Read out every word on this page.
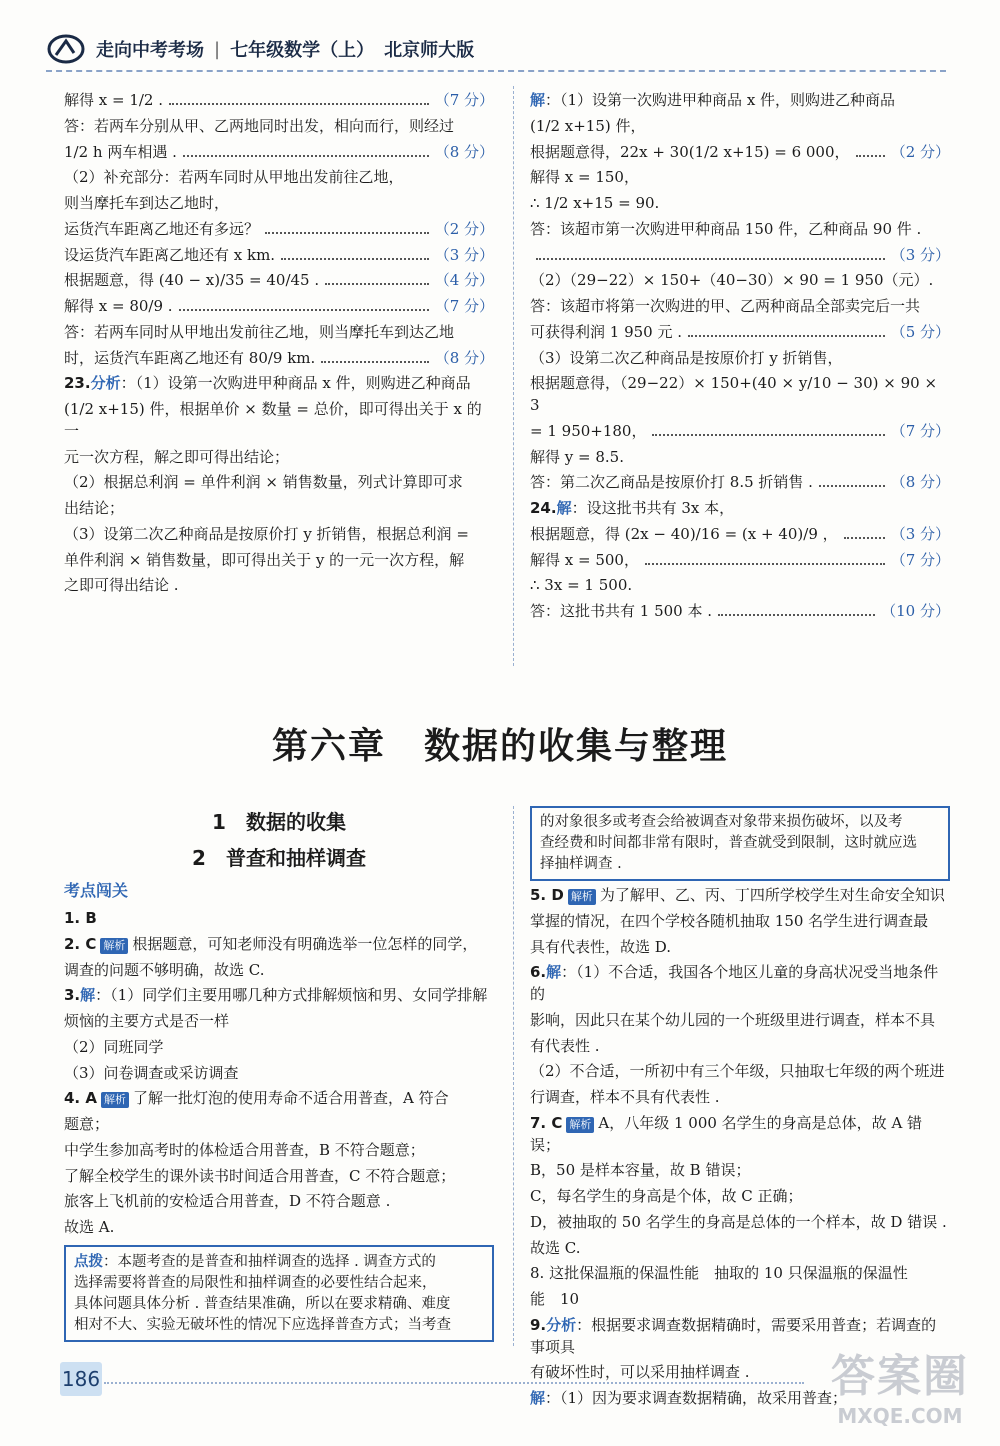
走向中考考场 | 七年级数学（上） 北京师大版
解得 x = 1/2 .	（7 分）
答：若两车分别从甲、乙两地同时出发，相向而行，则经过
1/2 h 两车相遇 .	（8 分）
（2）补充部分：若两车同时从甲地出发前往乙地，
则当摩托车到达乙地时，
运货汽车距离乙地还有多远？	（2 分）
设运货汽车距离乙地还有 x km.	（3 分）
根据题意，得 (40 − x)/35 = 40/45 .	（4 分）
解得 x = 80/9 .	（7 分）
答：若两车同时从甲地出发前往乙地，则当摩托车到达乙地
时，运货汽车距离乙地还有 80/9 km.	（8 分）
23.分析：（1）设第一次购进甲种商品 x 件，则购进乙种商品
(1/2 x+15) 件，根据单价 × 数量 = 总价，即可得出关于 x 的一
元一次方程，解之即可得出结论；
（2）根据总利润 = 单件利润 × 销售数量，列式计算即可求
出结论；
（3）设第二次乙种商品是按原价打 y 折销售，根据总利润 =
单件利润 × 销售数量，即可得出关于 y 的一元一次方程，解
之即可得出结论 .
解：（1）设第一次购进甲种商品 x 件，则购进乙种商品
(1/2 x+15) 件，
根据题意得，22x + 30(1/2 x+15) = 6 000，	（2 分）
解得 x = 150，
∴ 1/2 x+15 = 90.
答：该超市第一次购进甲种商品 150 件，乙种商品 90 件 .
（3 分）
（2）（29−22）× 150+（40−30）× 90 = 1 950（元）.
答：该超市将第一次购进的甲、乙两种商品全部卖完后一共
可获得利润 1 950 元 .	（5 分）
（3）设第二次乙种商品是按原价打 y 折销售，
根据题意得，（29−22）× 150+(40 × y/10 − 30) × 90 × 3
= 1 950+180，	（7 分）
解得 y = 8.5.
答：第二次乙商品是按原价打 8.5 折销售 .	（8 分）
24.解：设这批书共有 3x 本，
根据题意，得 (2x − 40)/16 = (x + 40)/9 ，	（3 分）
解得 x = 500，	（7 分）
∴ 3x = 1 500.
答：这批书共有 1 500 本 .	（10 分）
第六章　数据的收集与整理
1　数据的收集
2　普查和抽样调查
考点闯关
1. B
2. C 解析 根据题意，可知老师没有明确选举一位怎样的同学，
调查的问题不够明确，故选 C.
3.解：（1）同学们主要用哪几种方式排解烦恼和男、女同学排解
烦恼的主要方式是否一样
（2）同班同学
（3）问卷调查或采访调查
4. A 解析 了解一批灯泡的使用寿命不适合用普查，A 符合
题意；
中学生参加高考时的体检适合用普查，B 不符合题意；
了解全校学生的课外读书时间适合用普查，C 不符合题意；
旅客上飞机前的安检适合用普查，D 不符合题意 .
故选 A.
点拨：本题考查的是普查和抽样调查的选择 . 调查方式的
选择需要将普查的局限性和抽样调查的必要性结合起来，
具体问题具体分析 . 普查结果准确，所以在要求精确、难度
相对不大、实验无破坏性的情况下应选择普查方式；当考查
的对象很多或考查会给被调查对象带来损伤破坏，以及考
查经费和时间都非常有限时，普查就受到限制，这时就应选
择抽样调查 .
5. D 解析 为了解甲、乙、丙、丁四所学校学生对生命安全知识
掌握的情况，在四个学校各随机抽取 150 名学生进行调查最
具有代表性，故选 D.
6.解：（1）不合适，我国各个地区儿童的身高状况受当地条件的
影响，因此只在某个幼儿园的一个班级里进行调查，样本不具
有代表性 .
（2）不合适，一所初中有三个年级，只抽取七年级的两个班进
行调查，样本不具有代表性 .
7. C 解析 A，八年级 1 000 名学生的身高是总体，故 A 错误；
B，50 是样本容量，故 B 错误；
C，每名学生的身高是个体，故 C 正确；
D，被抽取的 50 名学生的身高是总体的一个样本，故 D 错误 .
故选 C.
8. 这批保温瓶的保温性能　抽取的 10 只保温瓶的保温性
能　10
9.分析：根据要求调查数据精确时，需要采用普查；若调查的事项具
有破坏性时，可以采用抽样调查 .
解：（1）因为要求调查数据精确，故采用普查；
186	答案圈
MXQE.COM
